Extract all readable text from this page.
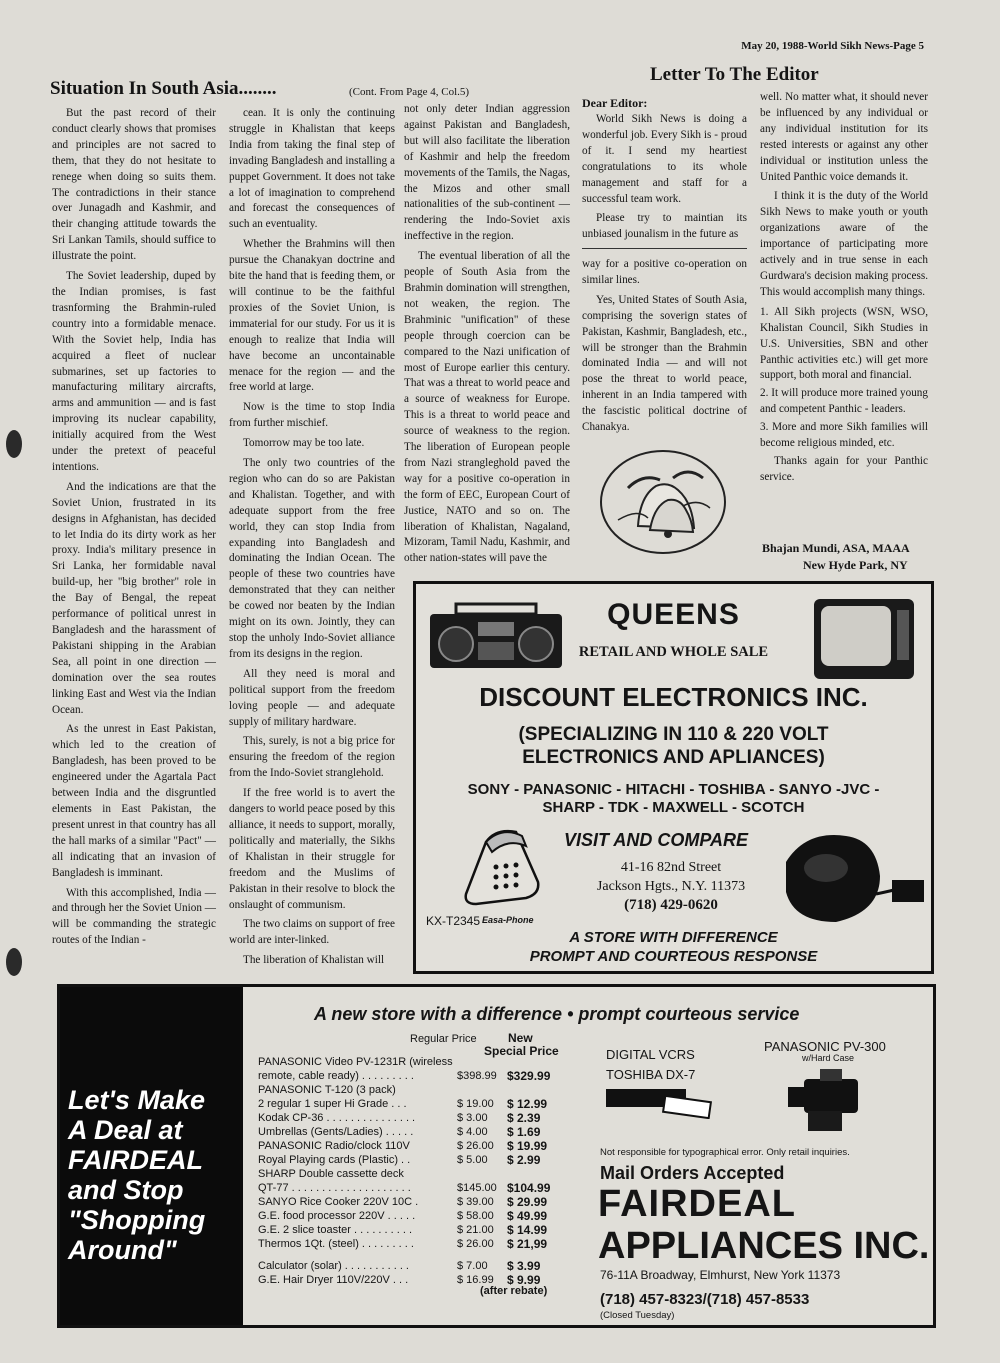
May 20, 1988-World Sikh News-Page 5
Situation In South Asia........	(Cont. From Page 4, Col.5)
Letter To The Editor

But the past record of their conduct clearly shows that promises and principles are not sacred to them, that they do not hesitate to renege when doing so suits them. The contradictions in their stance over Junagadh and Kashmir, and their changing attitude towards the Sri Lankan Tamils, should suffice to illustrate the point.

The Soviet leadership, duped by the Indian promises, is fast trasnforming the Brahmin-ruled country into a formidable menace. With the Soviet help, India has acquired a fleet of nuclear submarines, set up factories to manufacturing military aircrafts, arms and ammunition — and is fast improving its nuclear capability, initially acquired from the West under the pretext of peaceful intentions.

And the indications are that the Soviet Union, frustrated in its designs in Afghanistan, has decided to let India do its dirty work as her proxy. India's military presence in Sri Lanka, her formidable naval build-up, her "big brother" role in the Bay of Bengal, the repeat performance of political unrest in Bangladesh and the harassment of Pakistani shipping in the Arabian Sea, all point in one direction — domination over the sea routes linking East and West via the Indian Ocean.

As the unrest in East Pakistan, which led to the creation of Bangladesh, has been proved to be engineered under the Agartala Pact between India and the disgruntled elements in East Pakistan, the present unrest in that country has all the hall marks of a similar "Pact" — all indicating that an invasion of Bangladesh is imminant.

With this accomplished, India — and through her the Soviet Union — will be commanding the strategic routes of the Indian -

cean. It is only the continuing struggle in Khalistan that keeps India from taking the final step of invading Bangladesh and installing a puppet Government. It does not take a lot of imagination to comprehend and forecast the consequences of such an eventuality.

Whether the Brahmins will then pursue the Chanakyan doctrine and bite the hand that is feeding them, or will continue to be the faithful proxies of the Soviet Union, is immaterial for our study. For us it is enough to realize that India will have become an uncontainable menace for the region — and the free world at large.

Now is the time to stop India from further mischief.

Tomorrow may be too late.

The only two countries of the region who can do so are Pakistan and Khalistan. Together, and with adequate support from the free world, they can stop India from expanding into Bangladesh and dominating the Indian Ocean. The people of these two countries have demonstrated that they can neither be cowed nor beaten by the Indian might on its own. Jointly, they can stop the unholy Indo-Soviet alliance from its designs in the region.

All they need is moral and political support from the freedom loving people — and adequate supply of military hardware.

This, surely, is not a big price for ensuring the freedom of the region from the Indo-Soviet stranglehold.

If the free world is to avert the dangers to world peace posed by this alliance, it needs to support, morally, politically and materially, the Sikhs of Khalistan in their struggle for freedom and the Muslims of Pakistan in their resolve to block the onslaught of communism.

The two claims on support of free world are inter-linked.

The liberation of Khalistan will

not only deter Indian aggression against Pakistan and Bangladesh, but will also facilitate the liberation of Kashmir and help the freedom movements of the Tamils, the Nagas, the Mizos and other small nationalities of the sub-continent — rendering the Indo-Soviet axis ineffective in the region.

The eventual liberation of all the people of South Asia from the Brahmin domination will strengthen, not weaken, the region. The Brahminic "unification" of these people through coercion can be compared to the Nazi unification of most of Europe earlier this century. That was a threat to world peace and a source of weakness for Europe. This is a threat to world peace and source of weakness to the region. The liberation of European people from Nazi strangleghold paved the way for a positive co-operation in the form of EEC, European Court of Justice, NATO and so on. The liberation of Khalistan, Nagaland, Mizoram, Tamil Nadu, Kashmir, and other nation-states will pave the

Dear Editor:

World Sikh News is doing a wonderful job. Every Sikh is - proud of it. I send my heartiest congratulations to its whole management and staff for a successful team work.

Please try to maintian its unbiased jounalism in the future as

way for a positive co-operation on similar lines.

Yes, United States of South Asia, comprising the soverign states of Pakistan, Kashmir, Bangladesh, etc., will be stronger than the Brahmin dominated India — and will not pose the threat to world peace, inherent in an India tampered with the fascistic political doctrine of Chanakya.

well. No matter what, it should never be influenced by any individual or any individual institution for its rested interests or against any other individual or institution unless the United Panthic voice demands it.

I think it is the duty of the World Sikh News to make youth or youth organizations aware of the importance of participating more actively and in true sense in each Gurdwara's decision making process. This would accomplish many things.

1. All Sikh projects (WSN, WSO, Khalistan Council, Sikh Studies in U.S. Universities, SBN and other Panthic activities etc.) will get more support, both moral and financial.

2. It will produce more trained young and competent Panthic - leaders.

3. More and more Sikh families will become religious minded, etc.

Thanks again for your Panthic service.

Bhajan Mundi, ASA, MAAA
New Hyde Park, NY
QUEENS
RETAIL AND WHOLE SALE
DISCOUNT ELECTRONICS INC.
(SPECIALIZING IN 110 & 220 VOLT
ELECTRONICS AND APLIANCES)
SONY - PANASONIC - HITACHI - TOSHIBA - SANYO -JVC -
SHARP - TDK - MAXWELL - SCOTCH
VISIT AND COMPARE
41-16 82nd Street
Jackson Hgts., N.Y. 11373
(718) 429-0620
KX-T2345 Easa-Phone
A STORE WITH DIFFERENCE
PROMPT AND COURTEOUS RESPONSE
Let's Make
A Deal at
FAIRDEAL
and Stop
"Shopping
Around"
A new store with a difference • prompt courteous service
Regular Price	New
Special Price
PANASONIC Video PV-1231R (wireless
remote, cable ready) . . . . . . . . .	$398.99 $329.99
PANASONIC T-120 (3 pack)
2 regular 1 super Hi Grade . . .	$ 19.00	$ 12.99
Kodak CP-36 . . . . . . . . . . . . . . .	$ 3.00	$ 2.39
Umbrellas (Gents/Ladies) . . . . .	$ 4.00	$ 1.69
PANASONIC Radio/clock 110V	$ 26.00	$ 19.99
Royal Playing cards (Plastic) . .	$ 5.00	$ 2.99
SHARP Double cassette deck
QT-77 . . . . . . . . . . . . . . . . . . . .	$145.00 $104.99
SANYO Rice Cooker 220V 10C .	$ 39.00	$ 29.99
G.E. food processor 220V . . . . .	$ 58.00	$ 49.99
G.E. 2 slice toaster . . . . . . . . . .	$ 21.00	$ 14.99
Thermos 1Qt. (steel) . . . . . . . . .	$ 26.00	$ 21,99
Calculator (solar) . . . . . . . . . . .	$ 7.00	$ 3.99
G.E. Hair Dryer 110V/220V . . .	$ 16.99	$ 9.99
(after rebate)
DIGITAL VCRS
TOSHIBA DX-7
PANASONIC PV-300
w/Hard Case
Not responsible for typographical error. Only retail inquiries.
Mail Orders Accepted
FAIRDEAL
APPLIANCES INC.
76-11A Broadway, Elmhurst, New York 11373
(718) 457-8323/(718) 457-8533
(Closed Tuesday)
